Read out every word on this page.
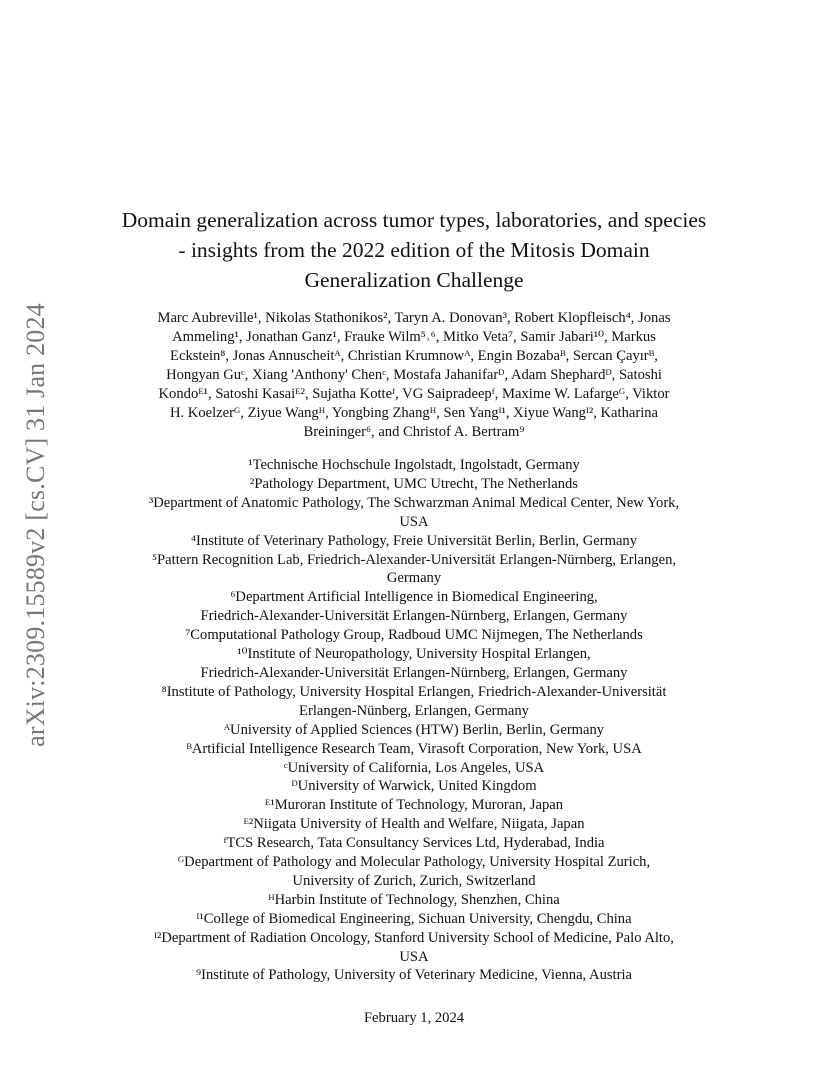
arXiv:2309.15589v2 [cs.CV] 31 Jan 2024
Domain generalization across tumor types, laboratories, and species
- insights from the 2022 edition of the Mitosis Domain
Generalization Challenge
Marc Aubreville¹, Nikolas Stathonikos², Taryn A. Donovan³, Robert Klopfleisch⁴, Jonas
Ammeling¹, Jonathan Ganz¹, Frauke Wilm⁵˒⁶, Mitko Veta⁷, Samir Jabari¹⁰, Markus
Eckstein⁸, Jonas Annuscheitᴬ, Christian Krumnowᴬ, Engin Bozabaᴮ, Sercan Çayırᴮ,
Hongyan Guᶜ, Xiang 'Anthony' Chenᶜ, Mostafa Jahanifarᴰ, Adam Shephardᴰ, Satoshi
Kondoᴱ¹, Satoshi Kasaiᴱ², Sujatha Kotteᶠ, VG Saipradeepᶠ, Maxime W. Lafargeᴳ, Viktor
H. Koelzerᴳ, Ziyue Wangᴴ, Yongbing Zhangᴴ, Sen Yangᴵ¹, Xiyue Wangᴵ², Katharina
Breininger⁶, and Christof A. Bertram⁹
¹Technische Hochschule Ingolstadt, Ingolstadt, Germany
²Pathology Department, UMC Utrecht, The Netherlands
³Department of Anatomic Pathology, The Schwarzman Animal Medical Center, New York,
USA
⁴Institute of Veterinary Pathology, Freie Universität Berlin, Berlin, Germany
⁵Pattern Recognition Lab, Friedrich-Alexander-Universität Erlangen-Nürnberg, Erlangen,
Germany
⁶Department Artificial Intelligence in Biomedical Engineering,
Friedrich-Alexander-Universität Erlangen-Nürnberg, Erlangen, Germany
⁷Computational Pathology Group, Radboud UMC Nijmegen, The Netherlands
¹⁰Institute of Neuropathology, University Hospital Erlangen,
Friedrich-Alexander-Universität Erlangen-Nürnberg, Erlangen, Germany
⁸Institute of Pathology, University Hospital Erlangen, Friedrich-Alexander-Universität
Erlangen-Nünberg, Erlangen, Germany
ᴬUniversity of Applied Sciences (HTW) Berlin, Berlin, Germany
ᴮArtificial Intelligence Research Team, Virasoft Corporation, New York, USA
ᶜUniversity of California, Los Angeles, USA
ᴰUniversity of Warwick, United Kingdom
ᴱ¹Muroran Institute of Technology, Muroran, Japan
ᴱ²Niigata University of Health and Welfare, Niigata, Japan
ᶠTCS Research, Tata Consultancy Services Ltd, Hyderabad, India
ᴳDepartment of Pathology and Molecular Pathology, University Hospital Zurich,
University of Zurich, Zurich, Switzerland
ᴴHarbin Institute of Technology, Shenzhen, China
ᴵ¹College of Biomedical Engineering, Sichuan University, Chengdu, China
ᴵ²Department of Radiation Oncology, Stanford University School of Medicine, Palo Alto,
USA
⁹Institute of Pathology, University of Veterinary Medicine, Vienna, Austria
February 1, 2024
